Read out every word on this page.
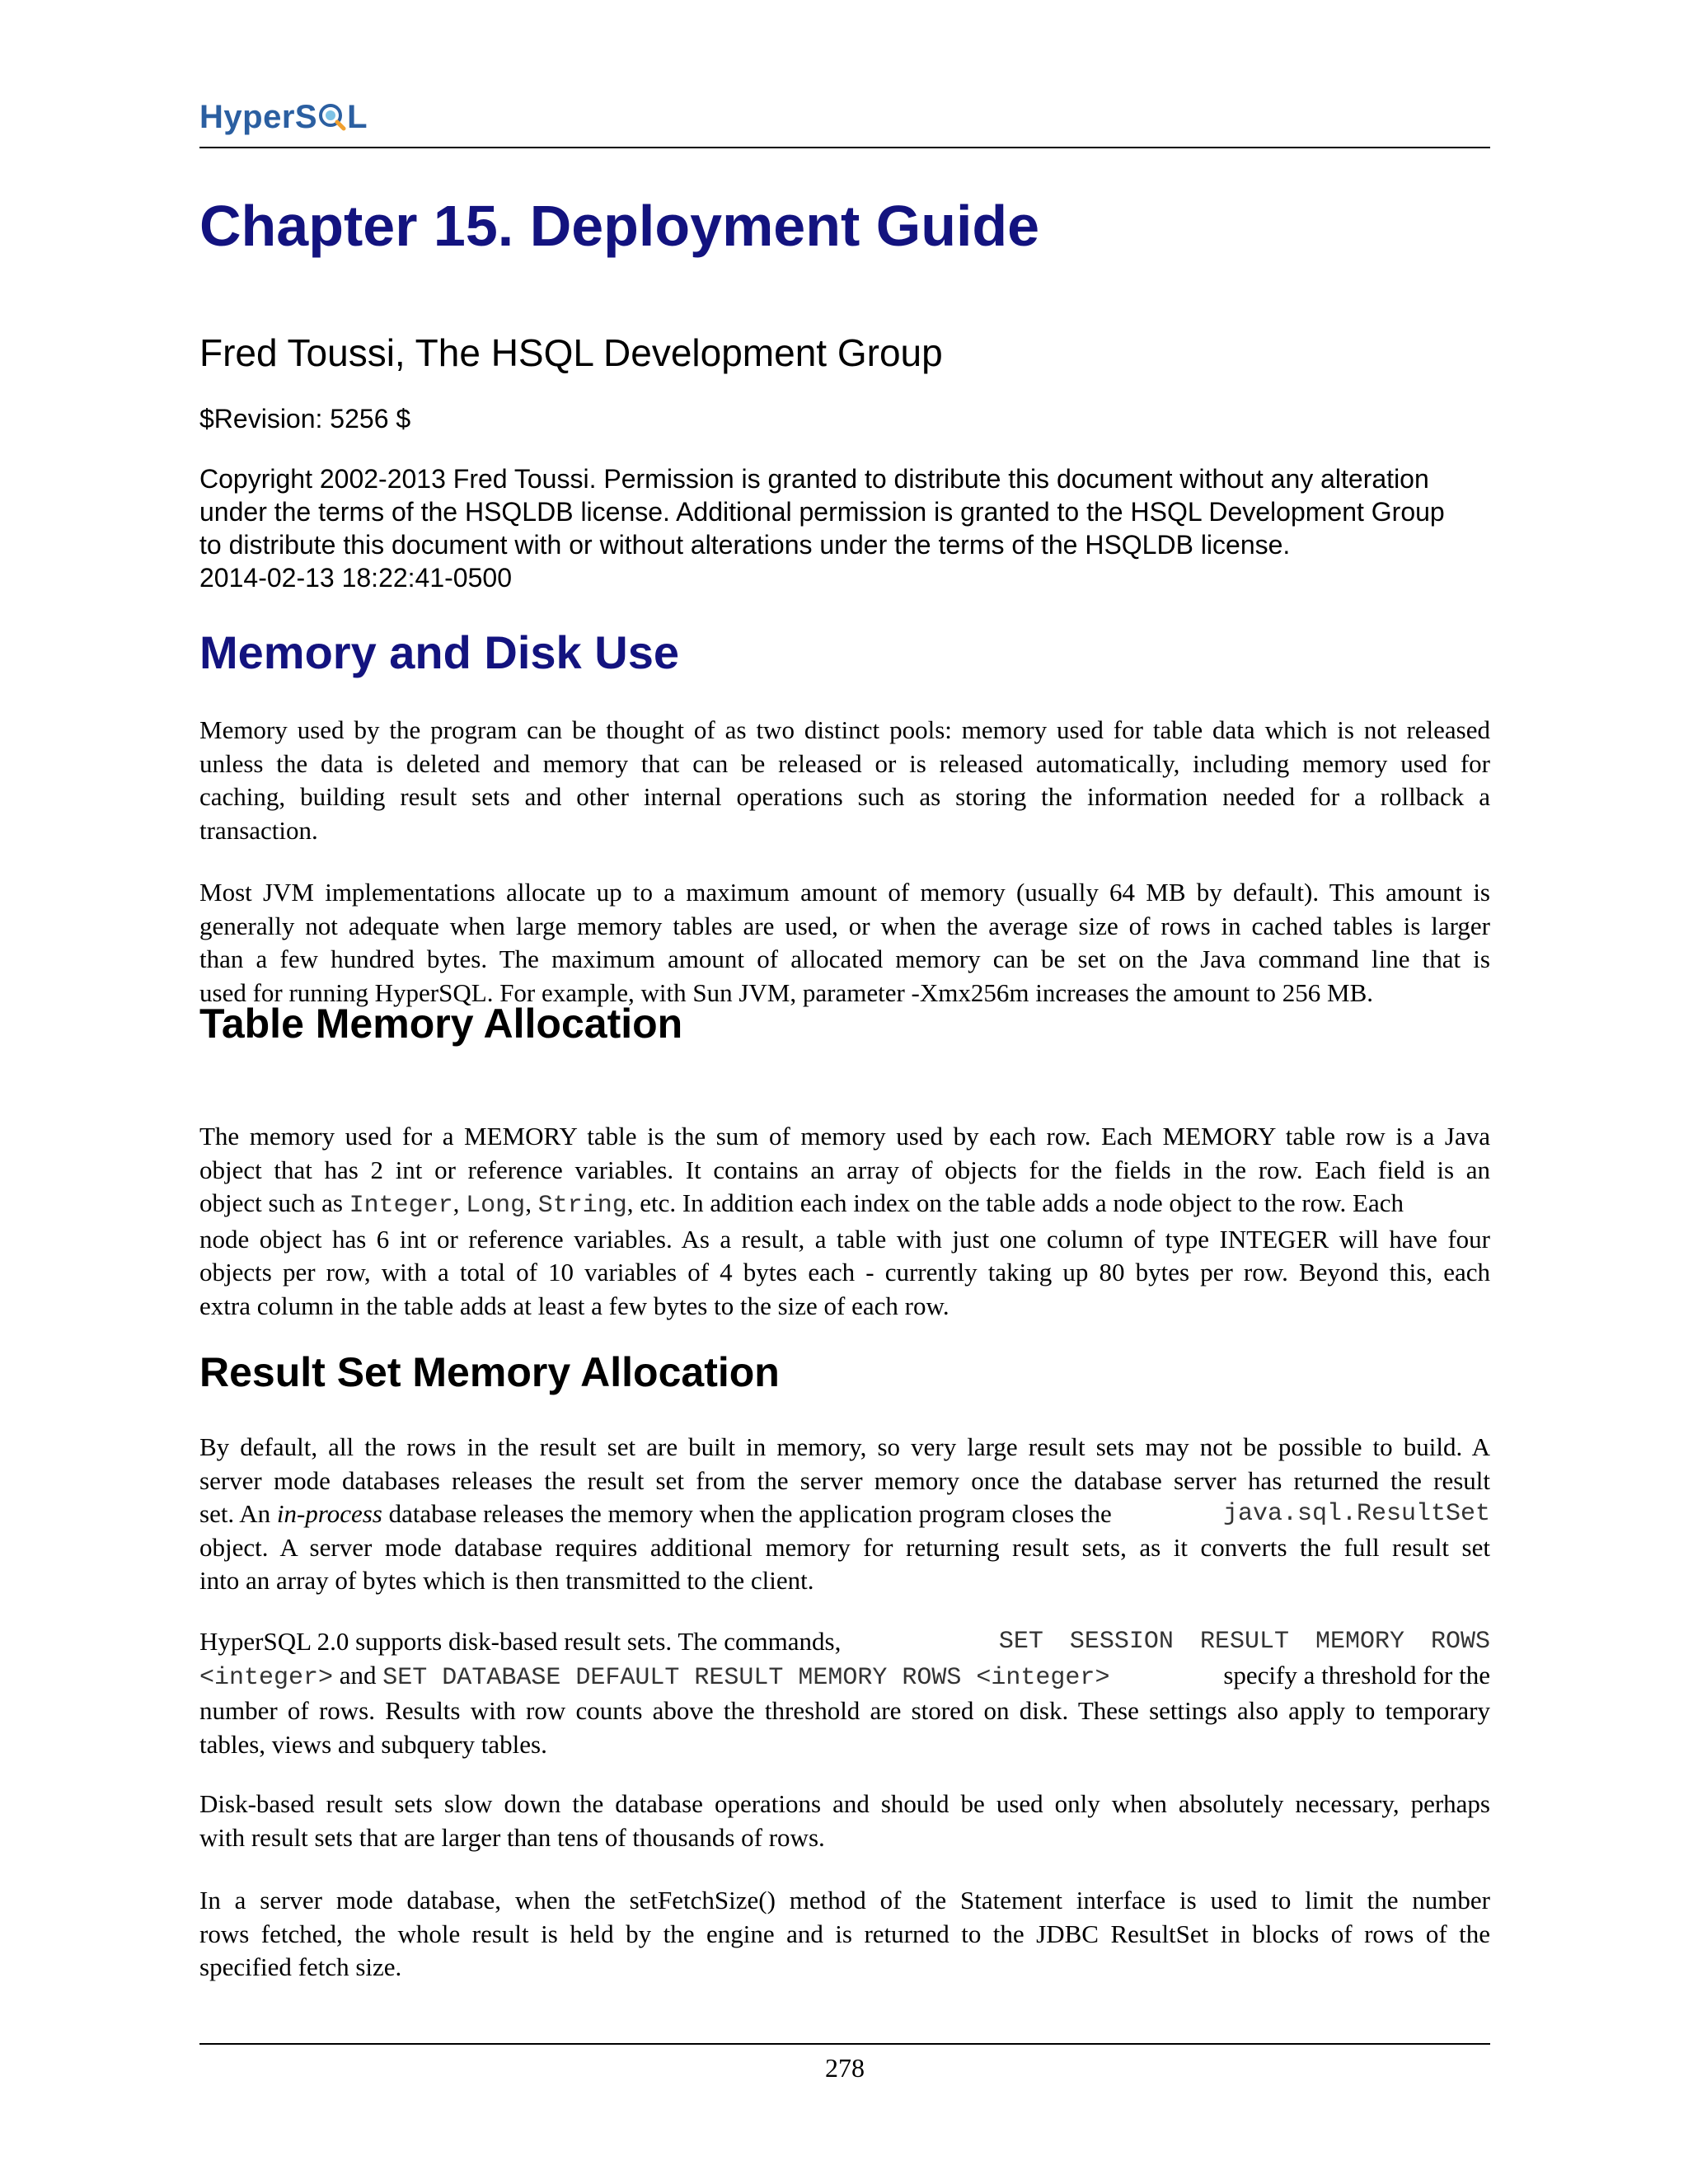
HyperS L
Chapter 15. Deployment Guide
Fred Toussi, The HSQL Development Group
$Revision: 5256 $
Copyright 2002-2013 Fred Toussi. Permission is granted to distribute this document without any alteration
under the terms of the HSQLDB license. Additional permission is granted to the HSQL Development Group
to distribute this document with or without alterations under the terms of the HSQLDB license.
2014-02-13 18:22:41-0500
Memory and Disk Use

Memory used by the program can be thought of as two distinct pools: memory used for table data which is not released
unless the data is deleted and memory that can be released or is released automatically, including memory used for
caching, building result sets and other internal operations such as storing the information needed for a rollback a
transaction.

Most JVM implementations allocate up to a maximum amount of memory (usually 64 MB by default). This amount is
generally not adequate when large memory tables are used, or when the average size of rows in cached tables is larger
than a few hundred bytes. The maximum amount of allocated memory can be set on the Java command line that is
used for running HyperSQL. For example, with Sun JVM, parameter -Xmx256m increases the amount to 256 MB.

Table Memory Allocation

The memory used for a MEMORY table is the sum of memory used by each row. Each MEMORY table row is a Java
object that has 2 int or reference variables. It contains an array of objects for the fields in the row. Each field is an
object such as Integer, Long, String, etc. In addition each index on the table adds a node object to the row. Each
node object has 6 int or reference variables. As a result, a table with just one column of type INTEGER will have four
objects per row, with a total of 10 variables of 4 bytes each - currently taking up 80 bytes per row. Beyond this, each
extra column in the table adds at least a few bytes to the size of each row.

Result Set Memory Allocation

By default, all the rows in the result set are built in memory, so very large result sets may not be possible to build. A
server mode databases releases the result set from the server memory once the database server has returned the result
set. An in-process database releases the memory when the application program closes the	java.sql.ResultSet
object. A server mode database requires additional memory for returning result sets, as it converts the full result set
into an array of bytes which is then transmitted to the client.

HyperSQL 2.0 supports disk-based result sets. The commands,	SET SESSION RESULT MEMORY ROWS
<integer> and SET DATABASE DEFAULT RESULT MEMORY ROWS <integer>	specify a threshold for the
number of rows. Results with row counts above the threshold are stored on disk. These settings also apply to temporary
tables, views and subquery tables.

Disk-based result sets slow down the database operations and should be used only when absolutely necessary, perhaps
with result sets that are larger than tens of thousands of rows.

In a server mode database, when the setFetchSize() method of the Statement interface is used to limit the number
rows fetched, the whole result is held by the engine and is returned to the JDBC ResultSet in blocks of rows of the
specified fetch size.

278
